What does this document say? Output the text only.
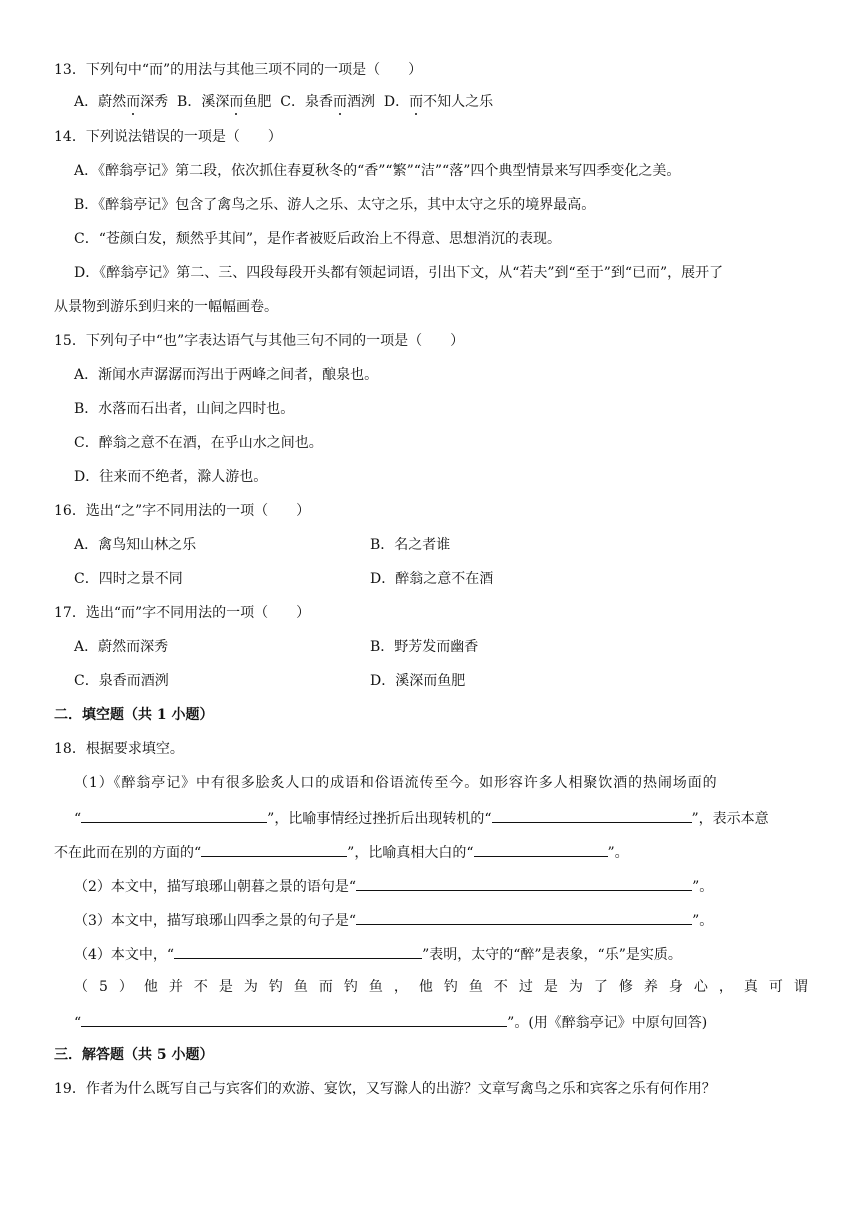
13．下列句中“而”的用法与其他三项不同的一项是（　　）
A．蔚然而深秀 B．溪深而鱼肥 C．泉香而酒洌 D．而不知人之乐
14．下列说法错误的一项是（　　）
A．《醉翁亭记》第二段，依次抓住春夏秋冬的“香”“繁”“洁”“落”四个典型情景来写四季变化之美。
B．《醉翁亭记》包含了禽鸟之乐、游人之乐、太守之乐，其中太守之乐的境界最高。
C．“苍颜白发，颓然乎其间”，是作者被贬后政治上不得意、思想消沉的表现。
D．《醉翁亭记》第二、三、四段每段开头都有领起词语，引出下文，从“若夫”到“至于”到“已而”，展开了
从景物到游乐到归来的一幅幅画卷。
15．下列句子中“也”字表达语气与其他三句不同的一项是（　　）
A．渐闻水声潺潺而泻出于两峰之间者，酿泉也。
B．水落而石出者，山间之四时也。
C．醉翁之意不在酒，在乎山水之间也。
D．往来而不绝者，滁人游也。
16．选出“之”字不同用法的一项（　　）
A．禽鸟知山林之乐	B．名之者谁
C．四时之景不同	D．醉翁之意不在酒
17．选出“而”字不同用法的一项（　　）
A．蔚然而深秀	B．野芳发而幽香
C．泉香而酒洌	D．溪深而鱼肥
二．填空题（共 1 小题）
18．根据要求填空。
（1）《醉翁亭记》中有很多脍炙人口的成语和俗语流传至今。如形容许多人相聚饮酒的热闹场面的
“	”，比喻事情经过挫折后出现转机的“	”，表示本意
不在此而在别的方面的“	”，比喻真相大白的“	”。
（2）本文中，描写琅琊山朝暮之景的语句是“	”。
（3）本文中，描写琅琊山四季之景的句子是“	”。
（4）本文中，“	”表明，太守的“醉”是表象，“乐”是实质。
（5）他并不是为钓鱼而钓鱼，他钓鱼不过是为了修养身心，真可谓
“	”。(用《醉翁亭记》中原句回答)
三．解答题（共 5 小题）
19．作者为什么既写自己与宾客们的欢游、宴饮，又写滁人的出游？文章写禽鸟之乐和宾客之乐有何作用？
